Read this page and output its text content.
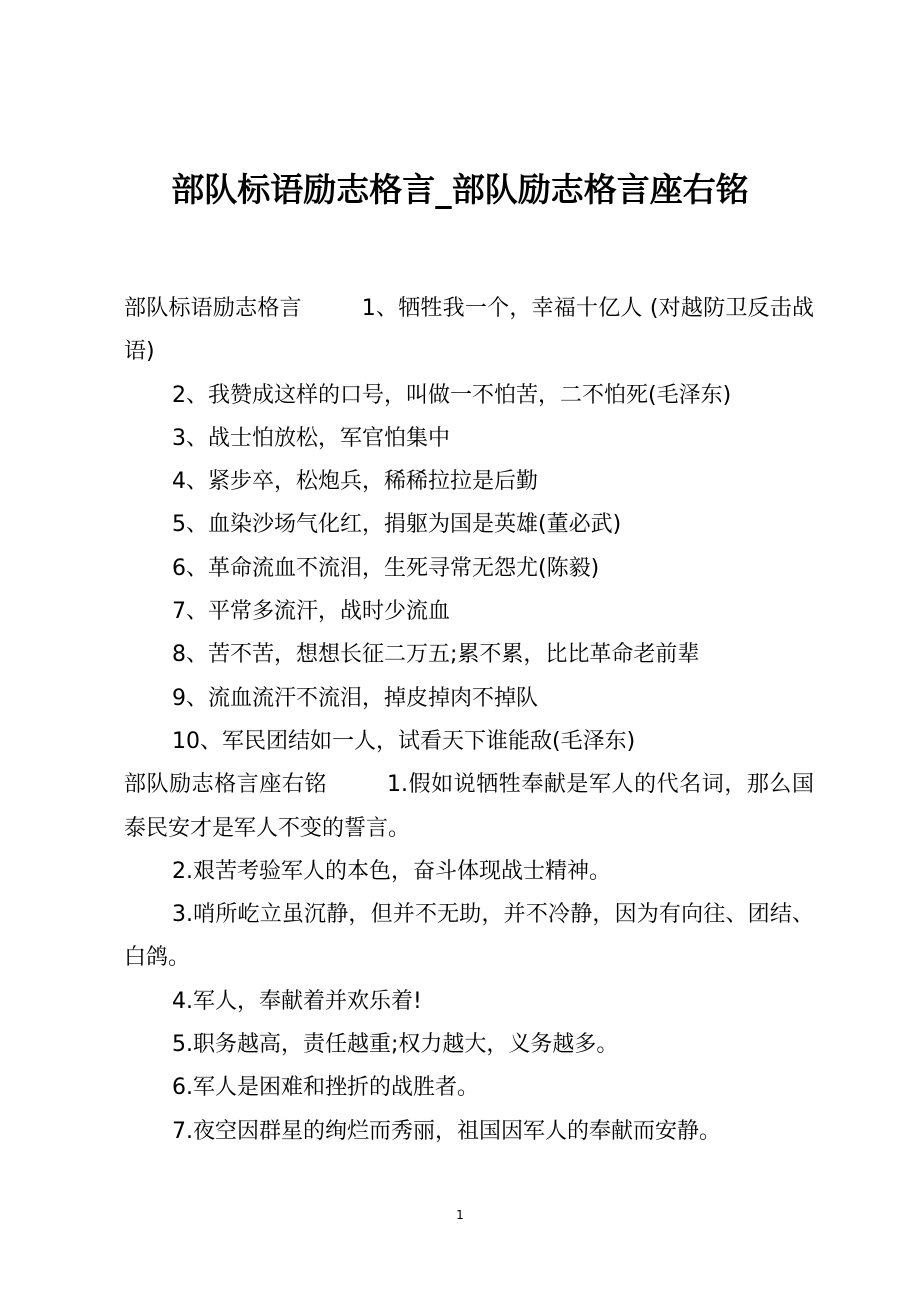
部队标语励志格言_部队励志格言座右铭

部队标语励志格言	1、牺牲我一个，幸福十亿人 (对越防卫反击战语)

2、我赞成这样的口号，叫做一不怕苦，二不怕死(毛泽东)

3、战士怕放松，军官怕集中

4、紧步卒，松炮兵，稀稀拉拉是后勤

5、血染沙场气化红，捐躯为国是英雄(董必武)

6、革命流血不流泪，生死寻常无怨尤(陈毅)

7、平常多流汗，战时少流血

8、苦不苦，想想长征二万五;累不累，比比革命老前辈

9、流血流汗不流泪，掉皮掉肉不掉队

10、军民团结如一人，试看天下谁能敌(毛泽东)

部队励志格言座右铭	1.假如说牺牲奉献是军人的代名词，那么国泰民安才是军人不变的誓言。

2.艰苦考验军人的本色，奋斗体现战士精神。

3.哨所屹立虽沉静，但并不无助，并不冷静，因为有向往、团结、白鸽。

4.军人，奉献着并欢乐着!

5.职务越高，责任越重;权力越大，义务越多。

6.军人是困难和挫折的战胜者。

7.夜空因群星的绚烂而秀丽，祖国因军人的奉献而安静。

1
